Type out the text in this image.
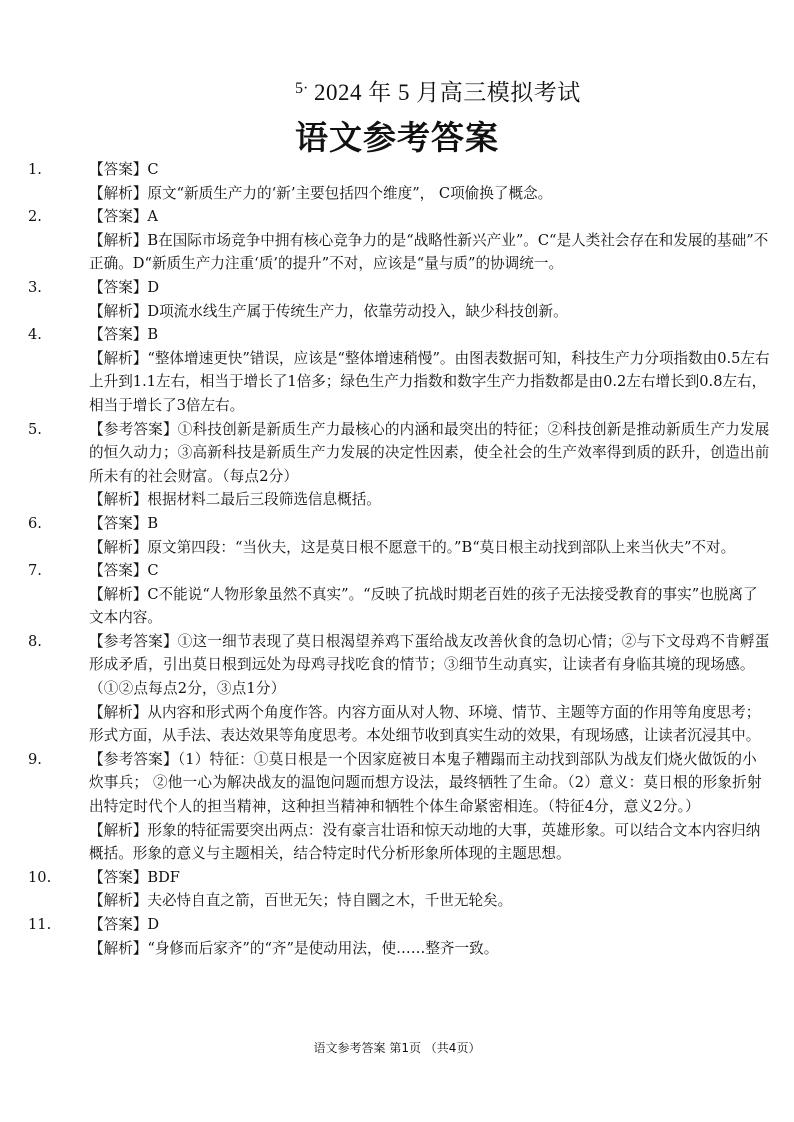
5· 2024 年 5 月高三模拟考试
语文参考答案
1.	【答案】C
【解析】原文“新质生产力的‘新’主要包括四个维度”， C项偷换了概念。
2.	【答案】A
【解析】B在国际市场竞争中拥有核心竞争力的是“战略性新兴产业”。C“是人类社会存在和发展的基础”不正确。D“新质生产力注重‘质’的提升”不对，应该是“量与质”的协调统一。
3.	【答案】D
【解析】D项流水线生产属于传统生产力，依靠劳动投入，缺少科技创新。
4.	【答案】B
【解析】“整体增速更快”错误，应该是“整体增速稍慢”。由图表数据可知，科技生产力分项指数由0.5左右上升到1.1左右，相当于增长了1倍多；绿色生产力指数和数字生产力指数都是由0.2左右增长到0.8左右，相当于增长了3倍左右。
5.	【参考答案】①科技创新是新质生产力最核心的内涵和最突出的特征；②科技创新是推动新质生产力发展的恒久动力；③高新科技是新质生产力发展的决定性因素，使全社会的生产效率得到质的跃升，创造出前所未有的社会财富。（每点2分）
【解析】根据材料二最后三段筛选信息概括。
6.	【答案】B
【解析】原文第四段：“当伙夫，这是莫日根不愿意干的。”B“莫日根主动找到部队上来当伙夫”不对。
7.	【答案】C
【解析】C不能说“人物形象虽然不真实”。“反映了抗战时期老百姓的孩子无法接受教育的事实”也脱离了文本内容。
8.	【参考答案】①这一细节表现了莫日根渴望养鸡下蛋给战友改善伙食的急切心情；②与下文母鸡不肯孵蛋形成矛盾，引出莫日根到远处为母鸡寻找吃食的情节；③细节生动真实，让读者有身临其境的现场感。（①②点每点2分，③点1分）
【解析】从内容和形式两个角度作答。内容方面从对人物、环境、情节、主题等方面的作用等角度思考；形式方面，从手法、表达效果等角度思考。本处细节收到真实生动的效果，有现场感，让读者沉浸其中。
9.	【参考答案】（1）特征：①莫日根是一个因家庭被日本鬼子糟蹋而主动找到部队为战友们烧火做饭的小炊事兵； ②他一心为解决战友的温饱问题而想方设法，最终牺牲了生命。（2）意义：莫日根的形象折射出特定时代个人的担当精神，这种担当精神和牺牲个体生命紧密相连。（特征4分，意义2分。）
【解析】形象的特征需要突出两点：没有豪言壮语和惊天动地的大事，英雄形象。可以结合文本内容归纳概括。形象的意义与主题相关，结合特定时代分析形象所体现的主题思想。
10.	【答案】BDF
【解析】夫必恃自直之箭，百世无矢；恃自圜之木，千世无轮矣。
11.	【答案】D
【解析】“身修而后家齐”的“齐”是使动用法，使……整齐一致。
语文参考答案 第1页 （共4页）
